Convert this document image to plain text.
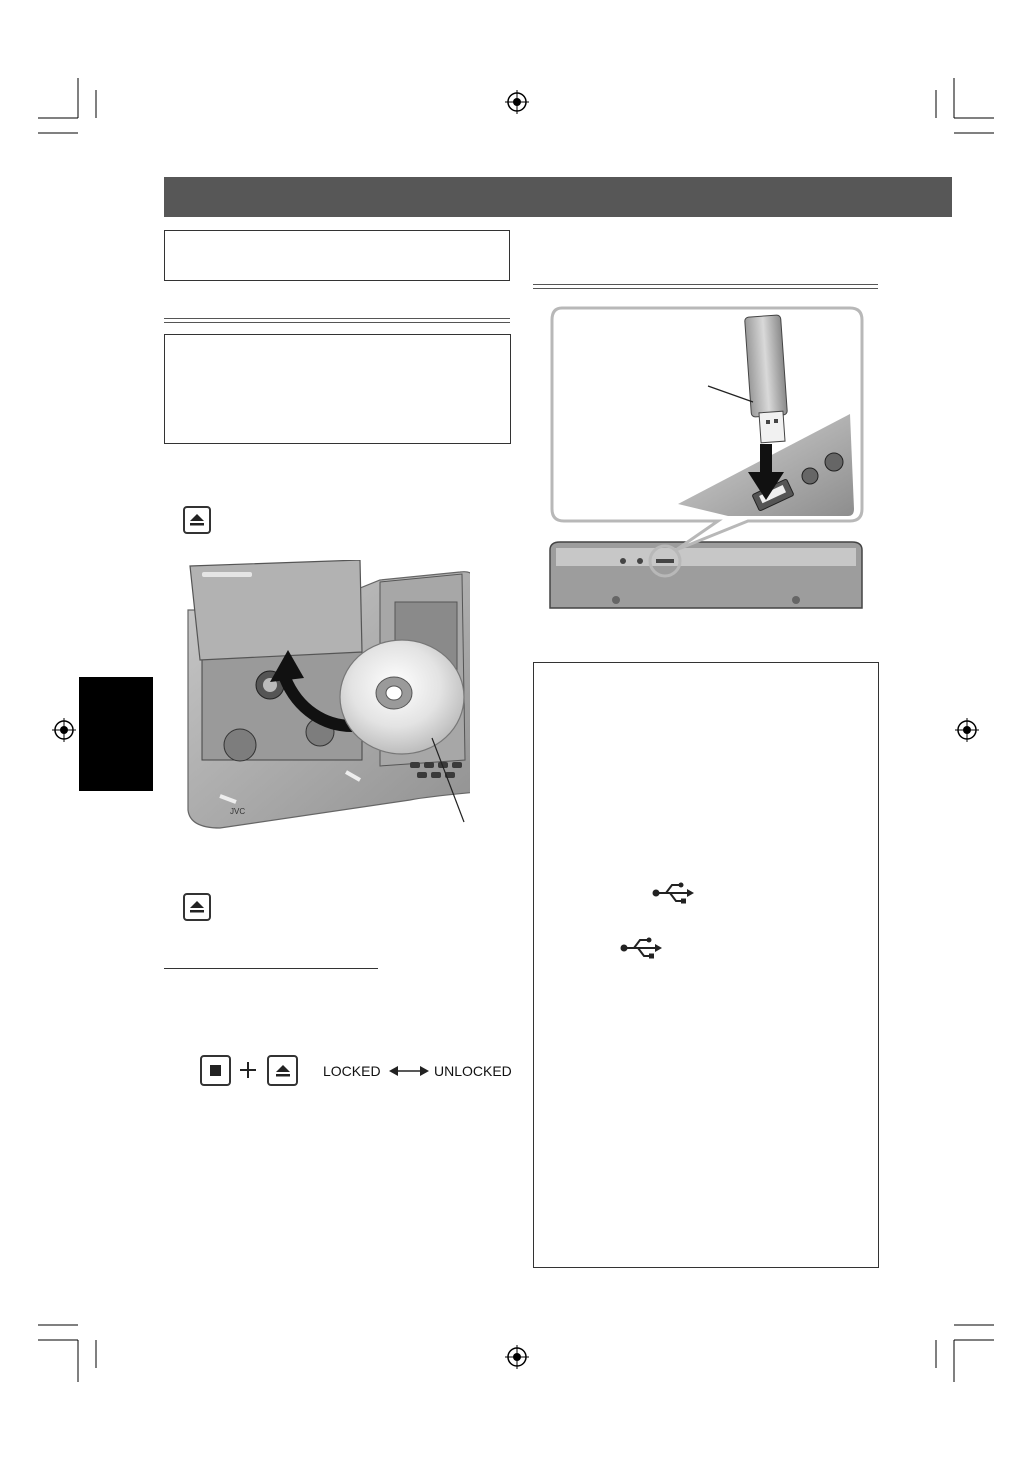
JVC
LOCKED	UNLOCKED
